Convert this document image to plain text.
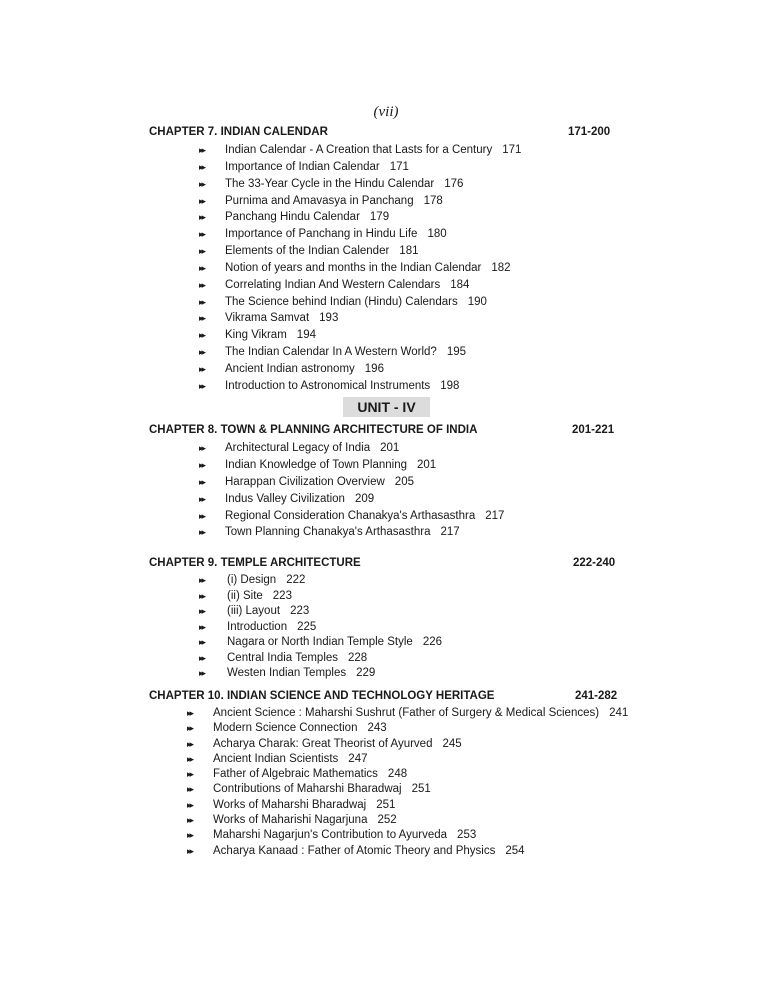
(vii)
CHAPTER 7. INDIAN CALENDAR	171-200
▸▸ Indian Calendar - A Creation that Lasts for a Century 171
▸▸ Importance of Indian Calendar 171
▸▸ The 33-Year Cycle in the Hindu Calendar 176
▸▸ Purnima and Amavasya in Panchang 178
▸▸ Panchang Hindu Calendar 179
▸▸ Importance of Panchang in Hindu Life 180
▸▸ Elements of the Indian Calender 181
▸▸ Notion of years and months in the Indian Calendar 182
▸▸ Correlating Indian And Western Calendars 184
▸▸ The Science behind Indian (Hindu) Calendars 190
▸▸ Vikrama Samvat 193
▸▸ King Vikram 194
▸▸ The Indian Calendar In A Western World? 195
▸▸ Ancient Indian astronomy 196
▸▸ Introduction to Astronomical Instruments 198
UNIT - IV
CHAPTER 8. TOWN & PLANNING ARCHITECTURE OF INDIA	201-221
▸▸ Architectural Legacy of India 201
▸▸ Indian Knowledge of Town Planning 201
▸▸ Harappan Civilization Overview 205
▸▸ Indus Valley Civilization 209
▸▸ Regional Consideration Chanakya's Arthasasthra 217
▸▸ Town Planning Chanakya's Arthasasthra 217
CHAPTER 9. TEMPLE ARCHITECTURE	222-240
▸▸ (i) Design 222
▸▸ (ii) Site 223
▸▸ (iii) Layout 223
▸▸ Introduction 225
▸▸ Nagara or North Indian Temple Style 226
▸▸ Central India Temples 228
▸▸ Westen Indian Temples 229
CHAPTER 10. INDIAN SCIENCE AND TECHNOLOGY HERITAGE	241-282
▸▸ Ancient Science : Maharshi Sushrut (Father of Surgery & Medical Sciences) 241
▸▸ Modern Science Connection 243
▸▸ Acharya Charak: Great Theorist of Ayurved 245
▸▸ Ancient Indian Scientists 247
▸▸ Father of Algebraic Mathematics 248
▸▸ Contributions of Maharshi Bharadwaj 251
▸▸ Works of Maharshi Bharadwaj 251
▸▸ Works of Maharishi Nagarjuna 252
▸▸ Maharshi Nagarjun's Contribution to Ayurveda 253
▸▸ Acharya Kanaad : Father of Atomic Theory and Physics 254
